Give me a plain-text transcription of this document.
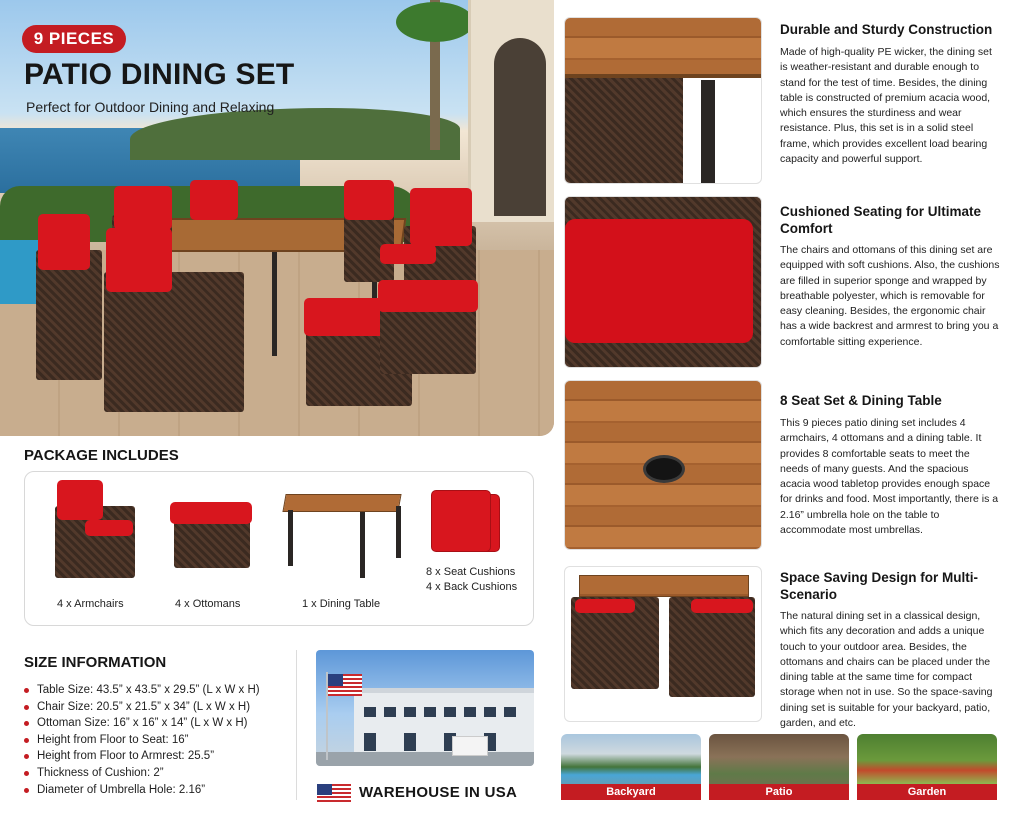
9 PIECES
PATIO DINING SET
Perfect for Outdoor Dining and Relaxing
PACKAGE INCLUDES
4 x Armchairs	4 x Ottomans	1 x Dining Table
8 x Seat Cushions
4 x Back Cushions
SIZE INFORMATION
Table Size: 43.5” x 43.5” x 29.5” (L x W x H)
Chair Size: 20.5” x 21.5” x 34” (L x W x H)
Ottoman Size: 16” x 16” x 14” (L x W x H)
Height from Floor to Seat: 16”
Height from Floor to Armrest: 25.5”
Thickness of Cushion: 2”
Diameter of Umbrella Hole: 2.16”	WAREHOUSE IN USA
Durable and Sturdy Construction
Made of high-quality PE wicker, the dining set is weather-resistant and durable enough to stand for the test of time. Besides, the dining table is constructed of premium acacia wood, which ensures the sturdiness and wear resistance. Plus, this set is in a solid steel frame, which provides excellent load bearing capacity and powerful support.
Cushioned Seating for Ultimate Comfort
The chairs and ottomans of this dining set are equipped with soft cushions. Also, the cushions are filled in superior sponge and wrapped by breathable polyester, which is removable for easy cleaning. Besides, the ergonomic chair has a wide backrest and armrest to bring you a comfortable sitting experience.
8 Seat Set & Dining Table
This 9 pieces patio dining set includes 4 armchairs, 4 ottomans and a dining table. It provides 8 comfortable seats to meet the needs of many guests. And the spacious acacia wood tabletop provides enough space for drinks and food. Most importantly, there is a 2.16” umbrella hole on the table to accommodate most umbrellas.
Space Saving Design for Multi-Scenario
The natural dining set in a classical design, which fits any decoration and adds a unique touch to your outdoor area. Besides, the ottomans and chairs can be placed under the dining table at the same time for compact storage when not in use. So the space-saving dining set is suitable for your backyard, patio, garden, and etc.
Backyard	Patio	Garden
